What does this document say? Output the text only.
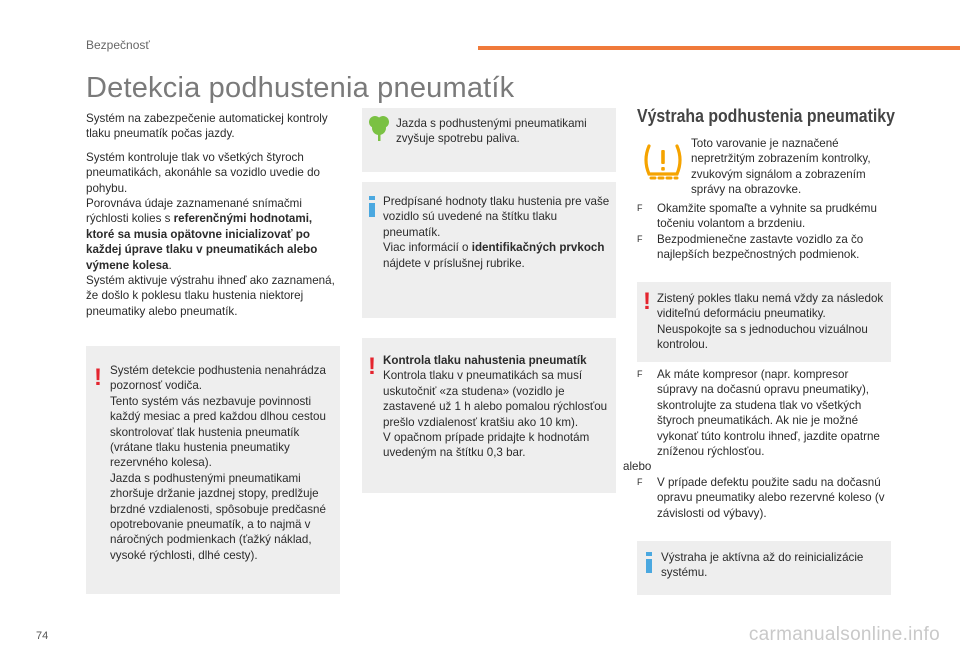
Bezpečnosť
Detekcia podhustenia pneumatík

Systém na zabezpečenie automatickej kontroly tlaku pneumatík počas jazdy.

Systém kontroluje tlak vo všetkých štyroch pneumatikách, akonáhle sa vozidlo uvedie do pohybu.
Porovnáva údaje zaznamenané snímačmi rýchlosti kolies s referenčnými hodnotami, ktoré sa musia opätovne inicializovať po každej úprave tlaku v pneumatikách alebo výmene kolesa.
Systém aktivuje výstrahu ihneď ako zaznamená, že došlo k poklesu tlaku hustenia niektorej pneumatiky alebo pneumatík.

! Systém detekcie podhustenia nenahrádza pozornosť vodiča.

Tento systém vás nezbavuje povinnosti každý mesiac a pred každou dlhou cestou skontrolovať tlak hustenia pneumatík (vrátane tlaku hustenia pneumatiky rezervného kolesa).

Jazda s podhustenými pneumatikami zhoršuje držanie jazdnej stopy, predlžuje brzdné vzdialenosti, spôsobuje predčasné opotrebovanie pneumatík, a to najmä v náročných podmienkach (ťažký náklad, vysoké rýchlosti, dlhé cesty).

Jazda s podhustenými pneumatikami zvyšuje spotrebu paliva.

Predpísané hodnoty tlaku hustenia pre vaše vozidlo sú uvedené na štítku tlaku pneumatík.

Viac informácií o identifikačných prvkoch nájdete v príslušnej rubrike.

! Kontrola tlaku nahustenia pneumatík

Kontrola tlaku v pneumatikách sa musí uskutočniť «za studena» (vozidlo je zastavené už 1 h alebo pomalou rýchlosťou prešlo vzdialenosť kratšiu ako 10 km).

V opačnom prípade pridajte k hodnotám uvedeným na štítku 0,3 bar.

Výstraha podhustenia pneumatiky
Toto varovanie je naznačené nepretržitým zobrazením kontrolky, zvukovým signálom a zobrazením správy na obrazovke.
F Okamžite spomaľte a vyhnite sa prudkému točeniu volantom a brzdeniu.
F Bezpodmienečne zastavte vozidlo za čo najlepších bezpečnostných podmienok.
! Zistený pokles tlaku nemá vždy za následok viditeľnú deformáciu pneumatiky. Neuspokojte sa s jednoduchou vizuálnou kontrolou.
F Ak máte kompresor (napr. kompresor súpravy na dočasnú opravu pneumatiky), skontrolujte za studena tlak vo všetkých štyroch pneumatikách. Ak nie je možné vykonať túto kontrolu ihneď, jazdite opatrne zníženou rýchlosťou.
alebo
F V prípade defektu použite sadu na dočasnú opravu pneumatiky alebo rezervné koleso (v závislosti od výbavy).
Výstraha je aktívna až do reinicializácie systému.
74	carmanualsonline.info
